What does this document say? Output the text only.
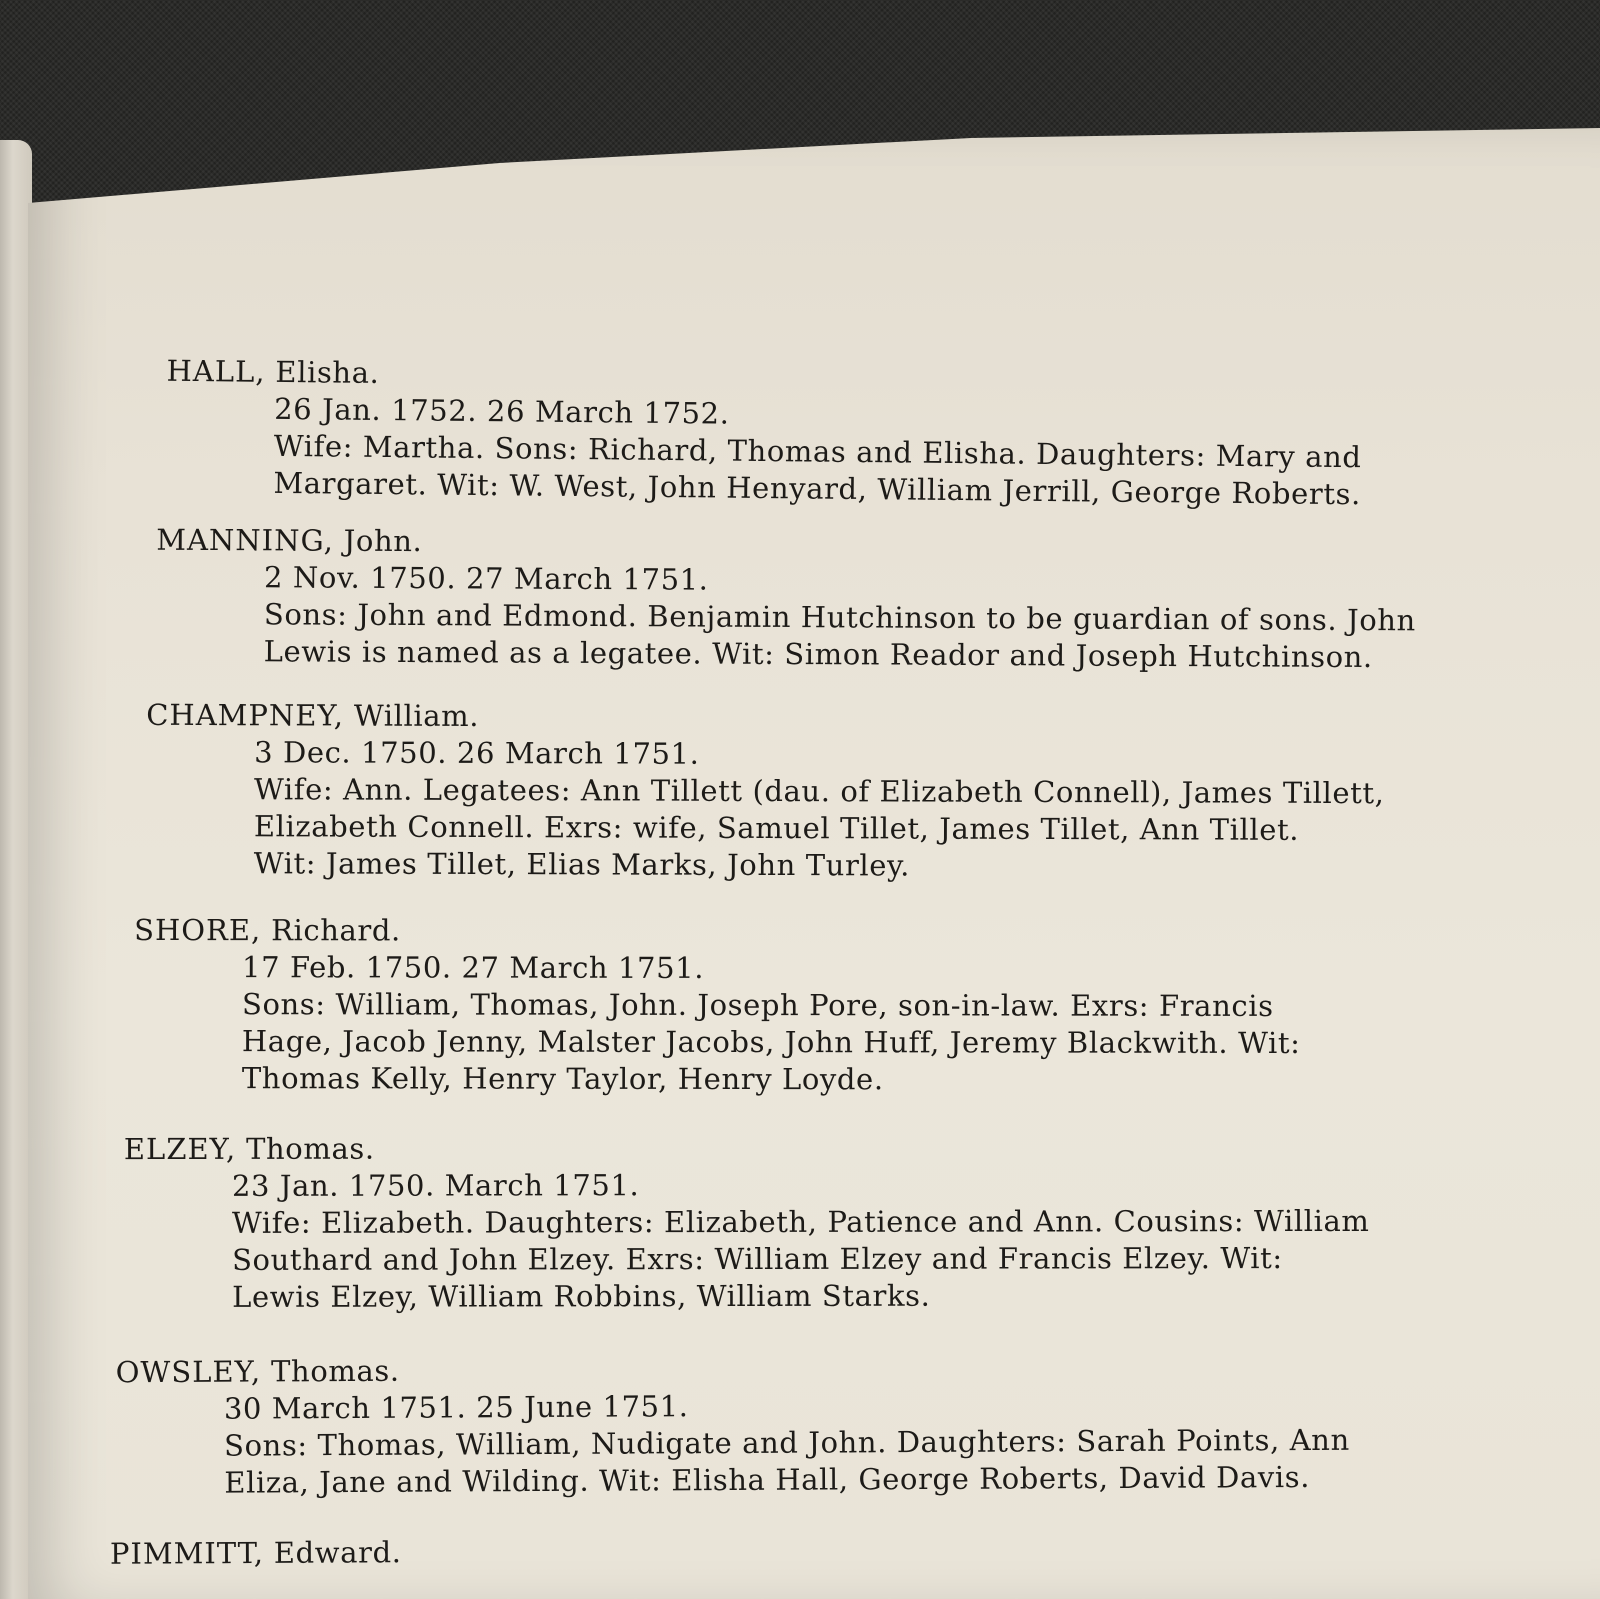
HALL, Elisha.
26 Jan. 1752. 26 March 1752.
Wife: Martha. Sons: Richard, Thomas and Elisha. Daughters: Mary and
Margaret. Wit: W. West, John Henyard, William Jerrill, George Roberts.
MANNING, John.
2 Nov. 1750. 27 March 1751.
Sons: John and Edmond. Benjamin Hutchinson to be guardian of sons. John
Lewis is named as a legatee. Wit: Simon Reador and Joseph Hutchinson.
CHAMPNEY, William.
3 Dec. 1750. 26 March 1751.
Wife: Ann. Legatees: Ann Tillett (dau. of Elizabeth Connell), James Tillett,
Elizabeth Connell. Exrs: wife, Samuel Tillet, James Tillet, Ann Tillet.
Wit: James Tillet, Elias Marks, John Turley.
SHORE, Richard.
17 Feb. 1750. 27 March 1751.
Sons: William, Thomas, John. Joseph Pore, son-in-law. Exrs: Francis
Hage, Jacob Jenny, Malster Jacobs, John Huff, Jeremy Blackwith. Wit:
Thomas Kelly, Henry Taylor, Henry Loyde.
ELZEY, Thomas.
23 Jan. 1750. March 1751.
Wife: Elizabeth. Daughters: Elizabeth, Patience and Ann. Cousins: William
Southard and John Elzey. Exrs: William Elzey and Francis Elzey. Wit:
Lewis Elzey, William Robbins, William Starks.
OWSLEY, Thomas.
30 March 1751. 25 June 1751.
Sons: Thomas, William, Nudigate and John. Daughters: Sarah Points, Ann
Eliza, Jane and Wilding. Wit: Elisha Hall, George Roberts, David Davis.
PIMMITT, Edward.
